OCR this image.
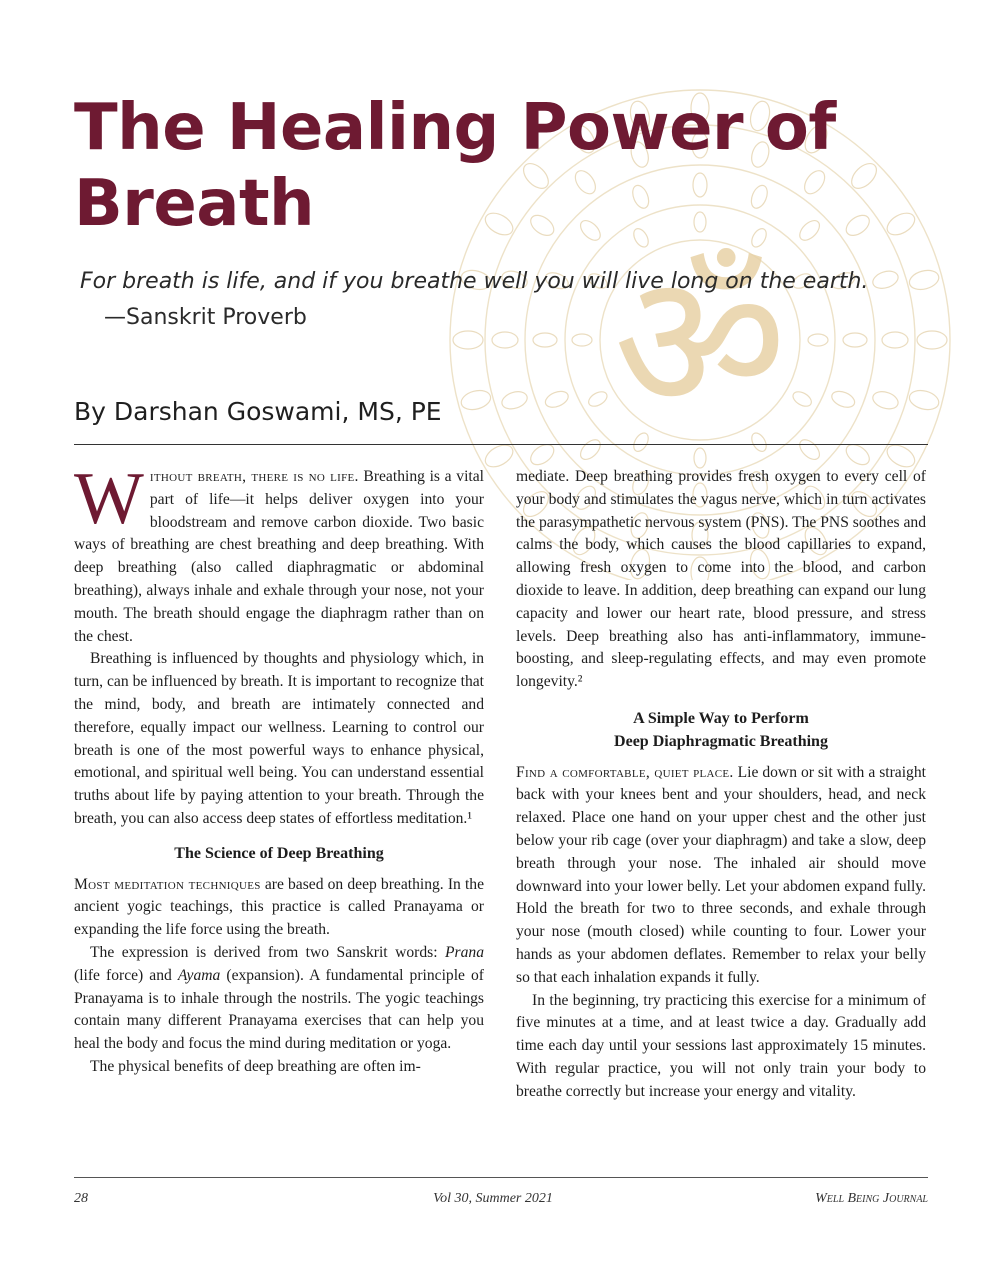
ॐ
The Healing Power of Breath
For breath is life, and if you breathe well you will live long on the earth.
—Sanskrit Proverb
By Darshan Goswami, MS, PE

Without breath, there is no life. Breathing is a vital part of life—it helps deliver oxygen into your bloodstream and remove carbon dioxide. Two basic ways of breathing are chest breathing and deep breathing. With deep breathing (also called diaphragmatic or abdominal breathing), always inhale and exhale through your nose, not your mouth. The breath should engage the diaphragm rather than on the chest.

Breathing is influenced by thoughts and physiology which, in turn, can be influenced by breath. It is important to recognize that the mind, body, and breath are intimately connected and therefore, equally impact our wellness. Learning to control our breath is one of the most powerful ways to enhance physical, emotional, and spiritual well being. You can understand essential truths about life by paying attention to your breath. Through the breath, you can also access deep states of effortless meditation.¹

The Science of Deep Breathing

Most meditation techniques are based on deep breathing. In the ancient yogic teachings, this practice is called Pranayama or expanding the life force using the breath.

The expression is derived from two Sanskrit words: Prana (life force) and Ayama (expansion). A fundamental principle of Pranayama is to inhale through the nostrils. The yogic teachings contain many different Pranayama exercises that can help you heal the body and focus the mind during meditation or yoga.

The physical benefits of deep breathing are often im-

mediate. Deep breathing provides fresh oxygen to every cell of your body and stimulates the vagus nerve, which in turn activates the parasympathetic nervous system (PNS). The PNS soothes and calms the body, which causes the blood capillaries to expand, allowing fresh oxygen to come into the blood, and carbon dioxide to leave. In addition, deep breathing can expand our lung capacity and lower our heart rate, blood pressure, and stress levels. Deep breathing also has anti-inflammatory, immune-boosting, and sleep-regulating effects, and may even promote longevity.²

A Simple Way to Perform
Deep Diaphragmatic Breathing

Find a comfortable, quiet place. Lie down or sit with a straight back with your knees bent and your shoulders, head, and neck relaxed. Place one hand on your upper chest and the other just below your rib cage (over your diaphragm) and take a slow, deep breath through your nose. The inhaled air should move downward into your lower belly. Let your abdomen expand fully. Hold the breath for two to three seconds, and exhale through your nose (mouth closed) while counting to four. Lower your hands as your abdomen deflates. Remember to relax your belly so that each inhalation expands it fully.

In the beginning, try practicing this exercise for a minimum of five minutes at a time, and at least twice a day. Gradually add time each day until your sessions last approximately 15 minutes. With regular practice, you will not only train your body to breathe correctly but increase your energy and vitality.

28	Vol 30, Summer 2021	Well Being Journal
